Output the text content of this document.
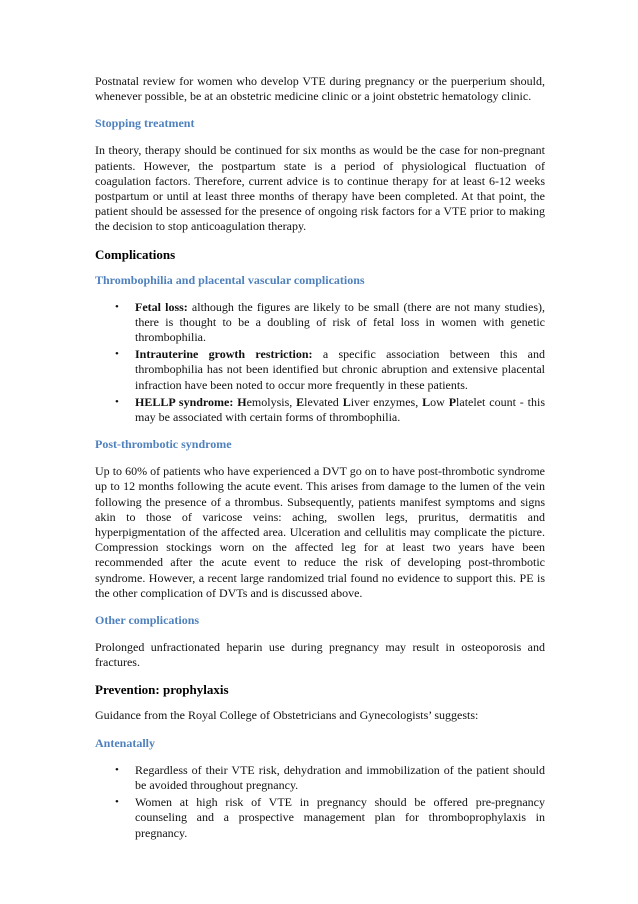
Postnatal review for women who develop VTE during pregnancy or the puerperium should, whenever possible, be at an obstetric medicine clinic or a joint obstetric hematology clinic.

Stopping treatment

In theory, therapy should be continued for six months as would be the case for non-pregnant patients. However, the postpartum state is a period of physiological fluctuation of coagulation factors. Therefore, current advice is to continue therapy for at least 6-12 weeks postpartum or until at least three months of therapy have been completed. At that point, the patient should be assessed for the presence of ongoing risk factors for a VTE prior to making the decision to stop anticoagulation therapy.

Complications
Thrombophilia and placental vascular complications
• Fetal loss: although the figures are likely to be small (there are not many studies), there is thought to be a doubling of risk of fetal loss in women with genetic thrombophilia.
• Intrauterine growth restriction: a specific association between this and thrombophilia has not been identified but chronic abruption and extensive placental infraction have been noted to occur more frequently in these patients.
• HELLP syndrome: Hemolysis, Elevated Liver enzymes, Low Platelet count - this may be associated with certain forms of thrombophilia.
Post-thrombotic syndrome

Up to 60% of patients who have experienced a DVT go on to have post-thrombotic syndrome up to 12 months following the acute event. This arises from damage to the lumen of the vein following the presence of a thrombus. Subsequently, patients manifest symptoms and signs akin to those of varicose veins: aching, swollen legs, pruritus, dermatitis and hyperpigmentation of the affected area. Ulceration and cellulitis may complicate the picture. Compression stockings worn on the affected leg for at least two years have been recommended after the acute event to reduce the risk of developing post-thrombotic syndrome. However, a recent large randomized trial found no evidence to support this. PE is the other complication of DVTs and is discussed above.

Other complications

Prolonged unfractionated heparin use during pregnancy may result in osteoporosis and fractures.

Prevention: prophylaxis

Guidance from the Royal College of Obstetricians and Gynecologists’ suggests:

Antenatally
• Regardless of their VTE risk, dehydration and immobilization of the patient should be avoided throughout pregnancy.
• Women at high risk of VTE in pregnancy should be offered pre-pregnancy counseling and a prospective management plan for thromboprophylaxis in pregnancy.
